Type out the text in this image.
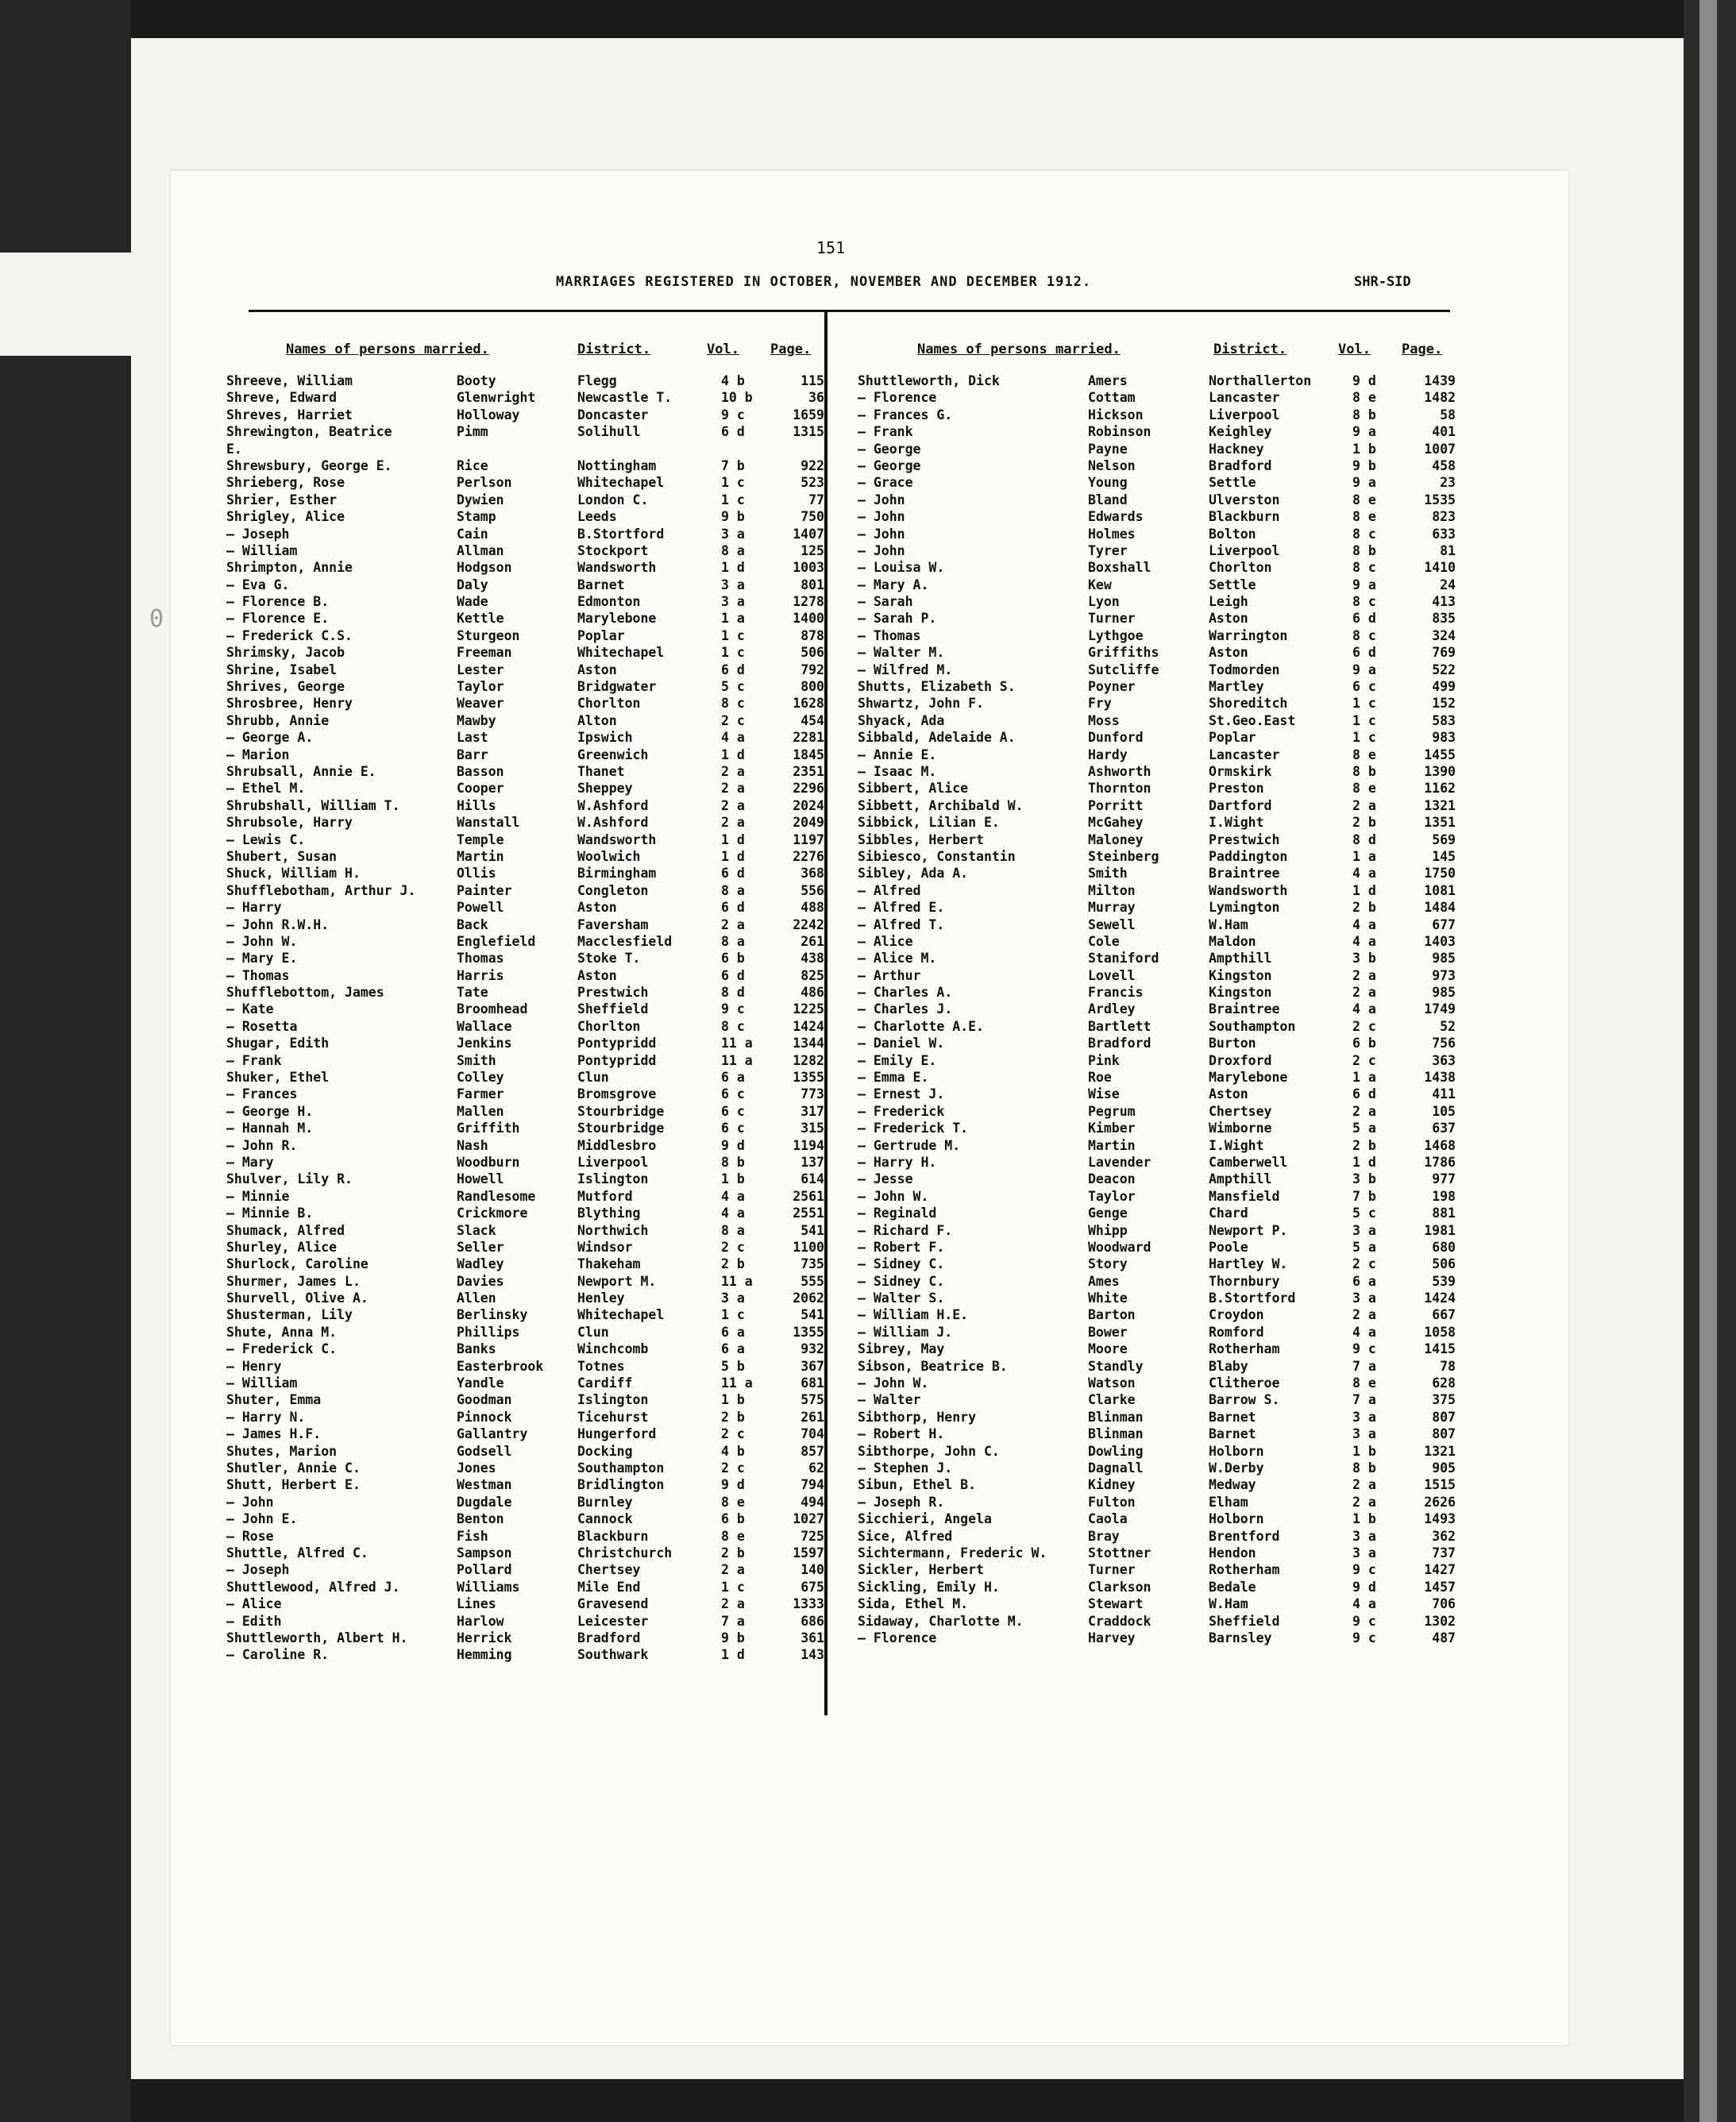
0
151
MARRIAGES REGISTERED IN OCTOBER, NOVEMBER AND DECEMBER 1912.	SHR-SID
Names of persons married.	District.	Vol. Page.
Shreeve, William	Booty	Flegg	4 b	115
Shreve, Edward	Glenwright	Newcastle T.	10 b	36
Shreves, Harriet	Holloway	Doncaster	9 c	1659
Shrewington, Beatrice	Pimm	Solihull	6 d	1315
E.
Shrewsbury, George E.	Rice	Nottingham	7 b	922
Shrieberg, Rose	Perlson	Whitechapel	1 c	523
Shrier, Esther	Dywien	London C.	1 c	77
Shrigley, Alice	Stamp	Leeds	9 b	750
— Joseph	Cain	B.Stortford	3 a	1407
— William	Allman	Stockport	8 a	125
Shrimpton, Annie	Hodgson	Wandsworth	1 d	1003
— Eva G.	Daly	Barnet	3 a	801
— Florence B.	Wade	Edmonton	3 a	1278
— Florence E.	Kettle	Marylebone	1 a	1400
— Frederick C.S.	Sturgeon	Poplar	1 c	878
Shrimsky, Jacob	Freeman	Whitechapel	1 c	506
Shrine, Isabel	Lester	Aston	6 d	792
Shrives, George	Taylor	Bridgwater	5 c	800
Shrosbree, Henry	Weaver	Chorlton	8 c	1628
Shrubb, Annie	Mawby	Alton	2 c	454
— George A.	Last	Ipswich	4 a	2281
— Marion	Barr	Greenwich	1 d	1845
Shrubsall, Annie E.	Basson	Thanet	2 a	2351
— Ethel M.	Cooper	Sheppey	2 a	2296
Shrubshall, William T.	Hills	W.Ashford	2 a	2024
Shrubsole, Harry	Wanstall	W.Ashford	2 a	2049
— Lewis C.	Temple	Wandsworth	1 d	1197
Shubert, Susan	Martin	Woolwich	1 d	2276
Shuck, William H.	Ollis	Birmingham	6 d	368
Shufflebotham, Arthur J.	Painter	Congleton	8 a	556
— Harry	Powell	Aston	6 d	488
— John R.W.H.	Back	Faversham	2 a	2242
— John W.	Englefield	Macclesfield	8 a	261
— Mary E.	Thomas	Stoke T.	6 b	438
— Thomas	Harris	Aston	6 d	825
Shufflebottom, James	Tate	Prestwich	8 d	486
— Kate	Broomhead	Sheffield	9 c	1225
— Rosetta	Wallace	Chorlton	8 c	1424
Shugar, Edith	Jenkins	Pontypridd	11 a	1344
— Frank	Smith	Pontypridd	11 a	1282
Shuker, Ethel	Colley	Clun	6 a	1355
— Frances	Farmer	Bromsgrove	6 c	773
— George H.	Mallen	Stourbridge	6 c	317
— Hannah M.	Griffith	Stourbridge	6 c	315
— John R.	Nash	Middlesbro	9 d	1194
— Mary	Woodburn	Liverpool	8 b	137
Shulver, Lily R.	Howell	Islington	1 b	614
— Minnie	Randlesome	Mutford	4 a	2561
— Minnie B.	Crickmore	Blything	4 a	2551
Shumack, Alfred	Slack	Northwich	8 a	541
Shurley, Alice	Seller	Windsor	2 c	1100
Shurlock, Caroline	Wadley	Thakeham	2 b	735
Shurmer, James L.	Davies	Newport M.	11 a	555
Shurvell, Olive A.	Allen	Henley	3 a	2062
Shusterman, Lily	Berlinsky	Whitechapel	1 c	541
Shute, Anna M.	Phillips	Clun	6 a	1355
— Frederick C.	Banks	Winchcomb	6 a	932
— Henry	Easterbrook	Totnes	5 b	367
— William	Yandle	Cardiff	11 a	681
Shuter, Emma	Goodman	Islington	1 b	575
— Harry N.	Pinnock	Ticehurst	2 b	261
— James H.F.	Gallantry	Hungerford	2 c	704
Shutes, Marion	Godsell	Docking	4 b	857
Shutler, Annie C.	Jones	Southampton	2 c	62
Shutt, Herbert E.	Westman	Bridlington	9 d	794
— John	Dugdale	Burnley	8 e	494
— John E.	Benton	Cannock	6 b	1027
— Rose	Fish	Blackburn	8 e	725
Shuttle, Alfred C.	Sampson	Christchurch	2 b	1597
— Joseph	Pollard	Chertsey	2 a	140
Shuttlewood, Alfred J.	Williams	Mile End	1 c	675
— Alice	Lines	Gravesend	2 a	1333
— Edith	Harlow	Leicester	7 a	686
Shuttleworth, Albert H.	Herrick	Bradford	9 b	361
— Caroline R.	Hemming	Southwark	1 d	143
Names of persons married.	District.	Vol. Page.
Shuttleworth, Dick	Amers	Northallerton	9 d	1439
— Florence	Cottam	Lancaster	8 e	1482
— Frances G.	Hickson	Liverpool	8 b	58
— Frank	Robinson	Keighley	9 a	401
— George	Payne	Hackney	1 b	1007
— George	Nelson	Bradford	9 b	458
— Grace	Young	Settle	9 a	23
— John	Bland	Ulverston	8 e	1535
— John	Edwards	Blackburn	8 e	823
— John	Holmes	Bolton	8 c	633
— John	Tyrer	Liverpool	8 b	81
— Louisa W.	Boxshall	Chorlton	8 c	1410
— Mary A.	Kew	Settle	9 a	24
— Sarah	Lyon	Leigh	8 c	413
— Sarah P.	Turner	Aston	6 d	835
— Thomas	Lythgoe	Warrington	8 c	324
— Walter M.	Griffiths	Aston	6 d	769
— Wilfred M.	Sutcliffe	Todmorden	9 a	522
Shutts, Elizabeth S.	Poyner	Martley	6 c	499
Shwartz, John F.	Fry	Shoreditch	1 c	152
Shyack, Ada	Moss	St.Geo.East	1 c	583
Sibbald, Adelaide A.	Dunford	Poplar	1 c	983
— Annie E.	Hardy	Lancaster	8 e	1455
— Isaac M.	Ashworth	Ormskirk	8 b	1390
Sibbert, Alice	Thornton	Preston	8 e	1162
Sibbett, Archibald W.	Porritt	Dartford	2 a	1321
Sibbick, Lilian E.	McGahey	I.Wight	2 b	1351
Sibbles, Herbert	Maloney	Prestwich	8 d	569
Sibiesco, Constantin	Steinberg	Paddington	1 a	145
Sibley, Ada A.	Smith	Braintree	4 a	1750
— Alfred	Milton	Wandsworth	1 d	1081
— Alfred E.	Murray	Lymington	2 b	1484
— Alfred T.	Sewell	W.Ham	4 a	677
— Alice	Cole	Maldon	4 a	1403
— Alice M.	Staniford	Ampthill	3 b	985
— Arthur	Lovell	Kingston	2 a	973
— Charles A.	Francis	Kingston	2 a	985
— Charles J.	Ardley	Braintree	4 a	1749
— Charlotte A.E.	Bartlett	Southampton	2 c	52
— Daniel W.	Bradford	Burton	6 b	756
— Emily E.	Pink	Droxford	2 c	363
— Emma E.	Roe	Marylebone	1 a	1438
— Ernest J.	Wise	Aston	6 d	411
— Frederick	Pegrum	Chertsey	2 a	105
— Frederick T.	Kimber	Wimborne	5 a	637
— Gertrude M.	Martin	I.Wight	2 b	1468
— Harry H.	Lavender	Camberwell	1 d	1786
— Jesse	Deacon	Ampthill	3 b	977
— John W.	Taylor	Mansfield	7 b	198
— Reginald	Genge	Chard	5 c	881
— Richard F.	Whipp	Newport P.	3 a	1981
— Robert F.	Woodward	Poole	5 a	680
— Sidney C.	Story	Hartley W.	2 c	506
— Sidney C.	Ames	Thornbury	6 a	539
— Walter S.	White	B.Stortford	3 a	1424
— William H.E.	Barton	Croydon	2 a	667
— William J.	Bower	Romford	4 a	1058
Sibrey, May	Moore	Rotherham	9 c	1415
Sibson, Beatrice B.	Standly	Blaby	7 a	78
— John W.	Watson	Clitheroe	8 e	628
— Walter	Clarke	Barrow S.	7 a	375
Sibthorp, Henry	Blinman	Barnet	3 a	807
— Robert H.	Blinman	Barnet	3 a	807
Sibthorpe, John C.	Dowling	Holborn	1 b	1321
— Stephen J.	Dagnall	W.Derby	8 b	905
Sibun, Ethel B.	Kidney	Medway	2 a	1515
— Joseph R.	Fulton	Elham	2 a	2626
Sicchieri, Angela	Caola	Holborn	1 b	1493
Sice, Alfred	Bray	Brentford	3 a	362
Sichtermann, Frederic W.	Stottner	Hendon	3 a	737
Sickler, Herbert	Turner	Rotherham	9 c	1427
Sickling, Emily H.	Clarkson	Bedale	9 d	1457
Sida, Ethel M.	Stewart	W.Ham	4 a	706
Sidaway, Charlotte M.	Craddock	Sheffield	9 c	1302
— Florence	Harvey	Barnsley	9 c	487
